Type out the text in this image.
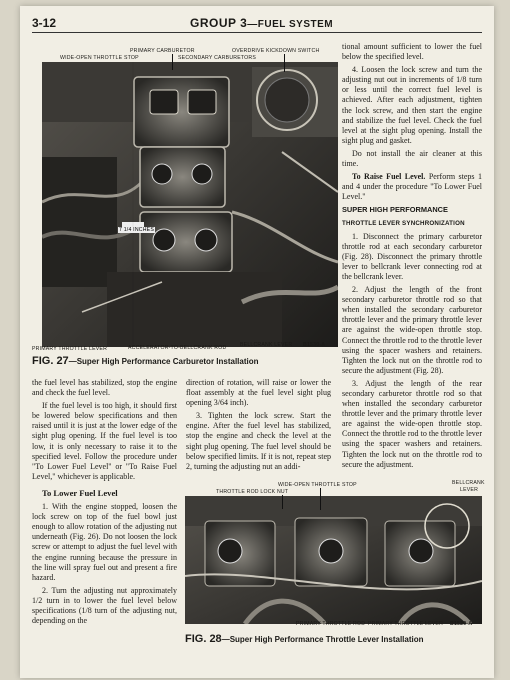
3-12	GROUP 3—FUEL SYSTEM
PRIMARY CARBURETOR	OVERDRIVE KICKDOWN SWITCH
WIDE-OPEN THROTTLE STOP	SECONDARY CARBURETORS
7 1/4 INCHES
PRIMARY THROTTLE LEVER	ACCELERATOR-TO-BELLCRANK ROD	BELLCRANK LEVER B1530-A
FIG. 27—Super High Performance Carburetor Installation

tional amount sufficient to lower the fuel below the specified level.

4. Loosen the lock screw and turn the adjusting nut out in increments of 1/8 turn or less until the correct fuel level is achieved. After each adjustment, tighten the lock screw, and then start the engine and stabilize the fuel level. Check the fuel level at the sight plug opening. Install the sight plug and gasket.

Do not install the air cleaner at this time.

To Raise Fuel Level. Perform steps 1 and 4 under the procedure "To Lower Fuel Level."

SUPER HIGH PERFORMANCE
THROTTLE LEVER SYNCHRONIZATION

1. Disconnect the primary carburetor throttle rod at each secondary carburetor (Fig. 28). Disconnect the primary throttle lever to bellcrank lever connecting rod at the bellcrank lever.

2. Adjust the length of the front secondary carburetor throttle rod so that when installed the secondary carburetor throttle lever and the primary throttle lever are against the wide-open throttle stop. Connect the throttle rod to the throttle lever using the spacer washers and retainers. Tighten the lock nut on the throttle rod to secure the adjustment (Fig. 28).

3. Adjust the length of the rear secondary carburetor throttle rod so that when installed the secondary carburetor throttle lever and the primary throttle lever are against the wide-open throttle stop. Connect the throttle rod to the throttle lever using the spacer washers and retainers. Tighten the lock nut on the throttle rod to secure the adjustment.

the fuel level has stabilized, stop the engine and check the fuel level.

If the fuel level is too high, it should first be lowered below specifications and then raised until it is just at the lower edge of the sight plug opening. If the fuel level is too low, it is only necessary to raise it to the specified level. Follow the procedure under "To Lower Fuel Level" or "To Raise Fuel Level," whichever is applicable.

To Lower Fuel Level

1. With the engine stopped, loosen the lock screw on top of the fuel bowl just enough to allow rotation of the adjusting nut underneath (Fig. 26). Do not loosen the lock screw or attempt to adjust the fuel level with the engine running because the pressure in the line will spray fuel out and present a fire hazard.

2. Turn the adjusting nut approximately 1/2 turn in to lower the fuel level below specifications (1/8 turn of the adjusting nut, depending on the

direction of rotation, will raise or lower the float assembly at the fuel level sight plug opening 3/64 inch).

3. Tighten the lock screw. Start the engine. After the fuel level has stabilized, stop the engine and check the level at the sight plug opening. The fuel level should be below specified limits. If it is not, repeat step 2, turning the adjusting nut an addi-

WIDE-OPEN THROTTLE STOP
THROTTLE ROD LOCK NUT
BELLCRANK
LEVER
PRIMARY THROTTLE ROD PRIMARY THROTTLE LEVER B1529-A
FIG. 28—Super High Performance Throttle Lever Installation
